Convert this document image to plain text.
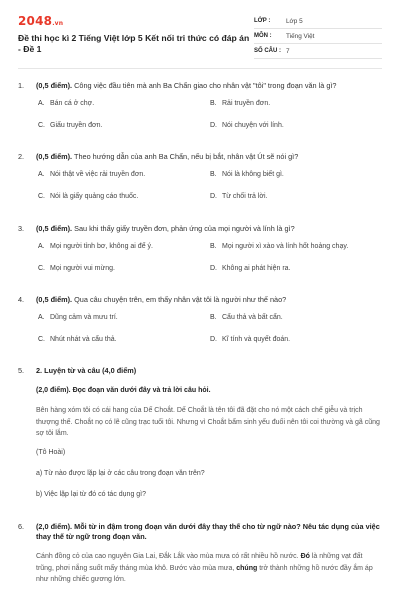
2048.vn
Đề thi học kì 2 Tiếng Việt lớp 5 Kết nối tri thức có đáp án - Đề 1
LỚP :	Lớp 5
MÔN :	Tiếng Việt
SỐ CÂU : 7
1.	(0,5 điểm). Công việc đầu tiên mà anh Ba Chẩn giao cho nhân vật "tôi" trong đoạn văn là gì?
A. Bán cá ở chợ.	B. Rải truyền đơn.
C. Giấu truyền đơn.	D. Nói chuyện với lính.
2.	(0,5 điểm). Theo hướng dẫn của anh Ba Chẩn, nếu bị bắt, nhân vật Út sẽ nói gì?
A. Nói thật về việc rải truyền đơn.	B. Nói là không biết gì.
C. Nói là giấy quảng cáo thuốc.	D. Từ chối trả lời.
3.	(0,5 điểm). Sau khi thấy giấy truyền đơn, phản ứng của mọi người và lính là gì?
A. Mọi người tỉnh bơ, không ai để ý.	B. Mọi người xì xào và lính hốt hoảng chạy.
C. Mọi người vui mừng.	D. Không ai phát hiện ra.
4.	(0,5 điểm). Qua câu chuyện trên, em thấy nhân vật tôi là người như thế nào?
A. Dũng cảm và mưu trí.	B. Cẩu thả và bất cẩn.
C. Nhút nhát và cẩu thả.	D. Kĩ tính và quyết đoán.
5.	2. Luyện từ và câu (4,0 điểm)
(2,0 điểm). Đọc đoạn văn dưới đây và trả lời câu hỏi.
Bên hàng xóm tôi có cái hang của Dế Choắt. Dế Choắt là tên tôi đã đặt cho nó một cách chế giễu và trịch thượng thế. Choắt nọ có lẽ cũng trạc tuổi tôi. Nhưng vì Choắt bẩm sinh yếu đuối nên tôi coi thường và gã cũng sợ tôi lắm.
(Tô Hoài)
a) Từ nào được lặp lại ở các câu trong đoạn văn trên?
b) Việc lặp lại từ đó có tác dụng gì?
6.	(2,0 điểm). Mỗi từ in đậm trong đoạn văn dưới đây thay thế cho từ ngữ nào? Nêu tác dụng của việc thay thế từ ngữ trong đoạn văn.
Cánh đồng cỏ của cao nguyên Gia Lai, Đắk Lắk vào mùa mưa có rất nhiều hồ nước. Đó là những vạt đất trũng, phơi nắng suốt mấy tháng mùa khô. Bước vào mùa mưa, chúng trở thành những hồ nước đầy ắm áp như những chiếc gương lớn.
